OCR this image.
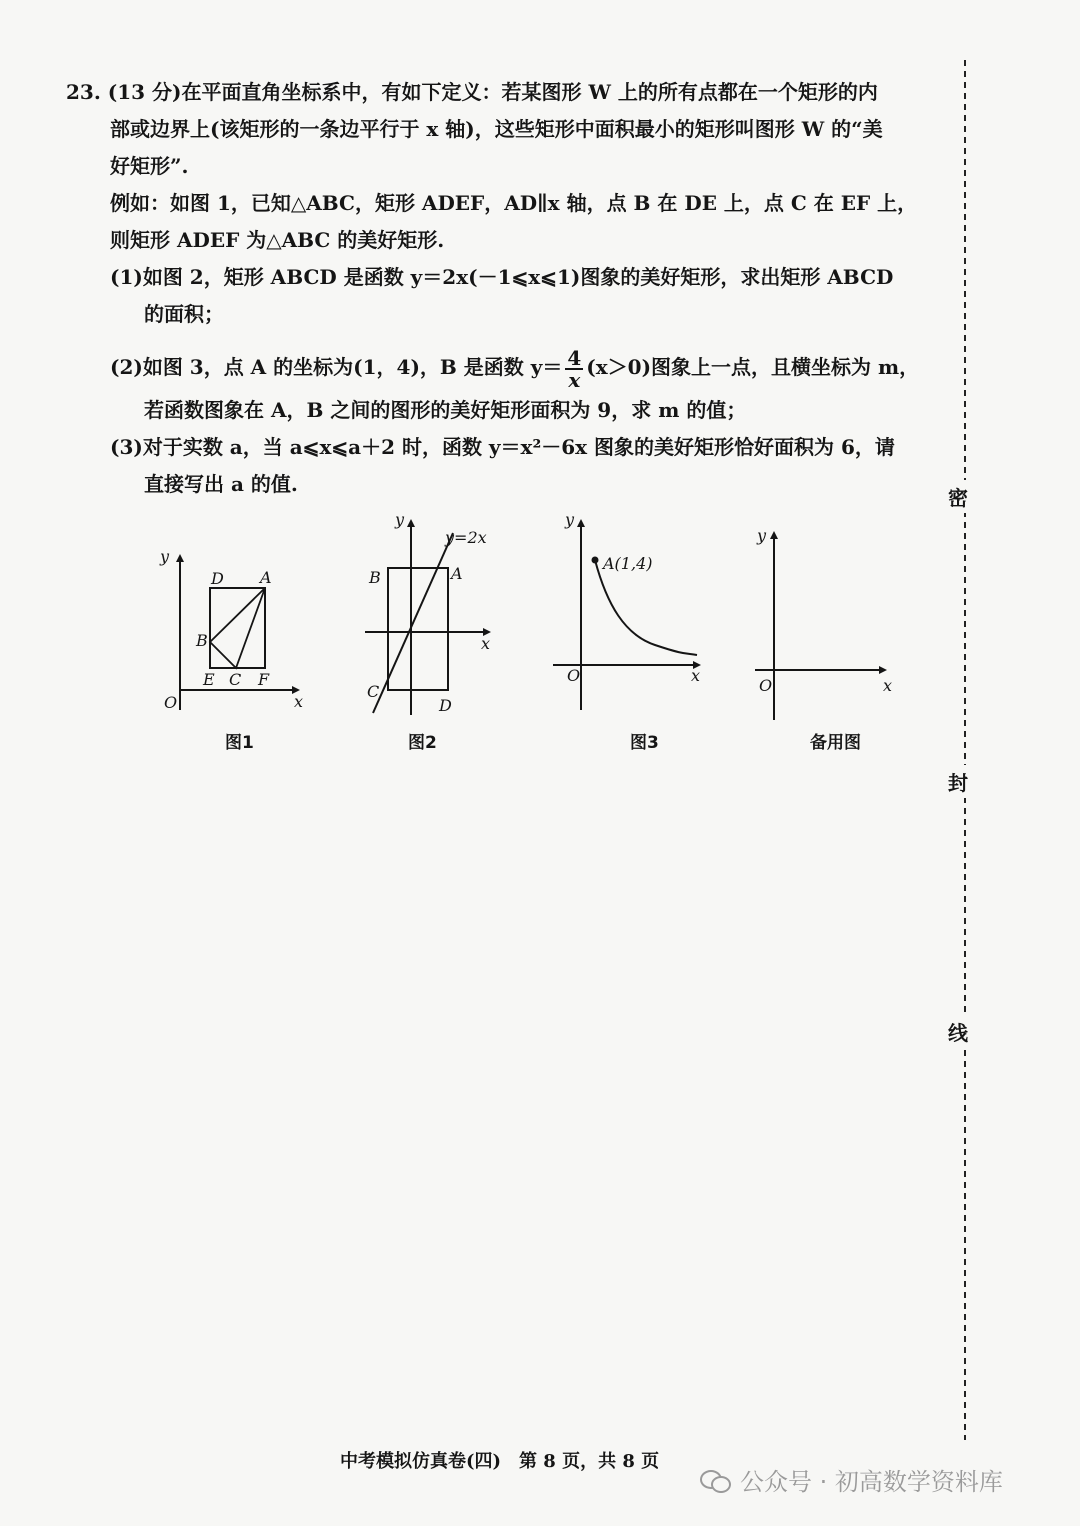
23. (13 分)在平面直角坐标系中，有如下定义：若某图形 W 上的所有点都在一个矩形的内
部或边界上(该矩形的一条边平行于 x 轴)，这些矩形中面积最小的矩形叫图形 W 的“美
好矩形”.
例如：如图 1，已知△ABC，矩形 ADEF，AD∥x 轴，点 B 在 DE 上，点 C 在 EF 上，
则矩形 ADEF 为△ABC 的美好矩形.
(1)如图 2，矩形 ABCD 是函数 y＝2x(－1⩽x⩽1)图象的美好矩形，求出矩形 ABCD
的面积；
(2)如图 3，点 A 的坐标为(1，4)，B 是函数 $y= \frac{4}{x} (x>0)$图象上一点，且横坐标为 m，
若函数图象在 A，B 之间的图形的美好矩形面积为 9，求 m 的值；
(3)对于实数 a，当 a⩽x⩽a＋2 时，函数 y＝x²－6x 图象的美好矩形恰好面积为 6，请
直接写出 a 的值.
y
x
O
D A
B
E C F
图1
y
x
y=2x
A
B
C
D
图2
y
x
O
A(1,4)
图3
y
x
O
备用图
密
封
线
中考模拟仿真卷(四)　第 8 页，共 8 页
公众号 · 初高数学资料库
